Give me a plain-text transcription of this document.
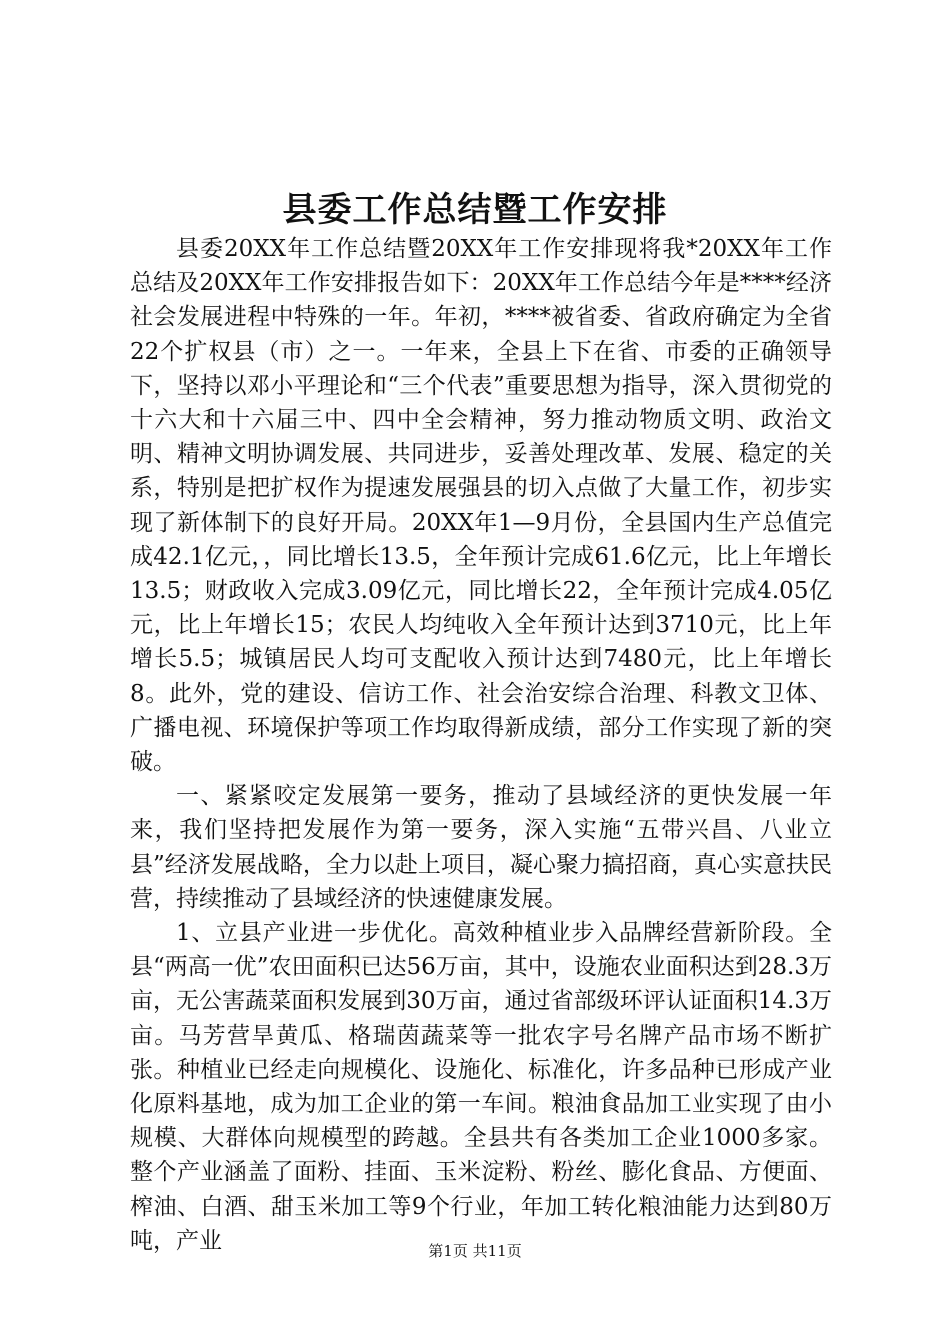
县委工作总结暨工作安排

县委20XX年工作总结暨20XX年工作安排现将我*20XX年工作总结及20XX年工作安排报告如下：20XX年工作总结今年是****经济社会发展进程中特殊的一年。年初，****被省委、省政府确定为全省22个扩权县（市）之一。一年来，全县上下在省、市委的正确领导下，坚持以邓小平理论和“三个代表”重要思想为指导，深入贯彻党的十六大和十六届三中、四中全会精神，努力推动物质文明、政治文明、精神文明协调发展、共同进步，妥善处理改革、发展、稳定的关系，特别是把扩权作为提速发展强县的切入点做了大量工作，初步实现了新体制下的良好开局。20XX年1—9月份，全县国内生产总值完成42.1亿元，，同比增长13.5，全年预计完成61.6亿元，比上年增长13.5；财政收入完成3.09亿元，同比增长22，全年预计完成4.05亿元，比上年增长15；农民人均纯收入全年预计达到3710元，比上年增长5.5；城镇居民人均可支配收入预计达到7480元，比上年增长8。此外，党的建设、信访工作、社会治安综合治理、科教文卫体、广播电视、环境保护等项工作均取得新成绩，部分工作实现了新的突破。

一、紧紧咬定发展第一要务，推动了县域经济的更快发展一年来，我们坚持把发展作为第一要务，深入实施“五带兴昌、八业立县”经济发展战略，全力以赴上项目，凝心聚力搞招商，真心实意扶民营，持续推动了县域经济的快速健康发展。

1、立县产业进一步优化。高效种植业步入品牌经营新阶段。全县“两高一优”农田面积已达56万亩，其中，设施农业面积达到28.3万亩，无公害蔬菜面积发展到30万亩，通过省部级环评认证面积14.3万亩。马芳营旱黄瓜、格瑞茵蔬菜等一批农字号名牌产品市场不断扩张。种植业已经走向规模化、设施化、标准化，许多品种已形成产业化原料基地，成为加工企业的第一车间。粮油食品加工业实现了由小规模、大群体向规模型的跨越。全县共有各类加工企业1000多家。整个产业涵盖了面粉、挂面、玉米淀粉、粉丝、膨化食品、方便面、榨油、白酒、甜玉米加工等9个行业，年加工转化粮油能力达到80万吨，产业	第1页 共11页
